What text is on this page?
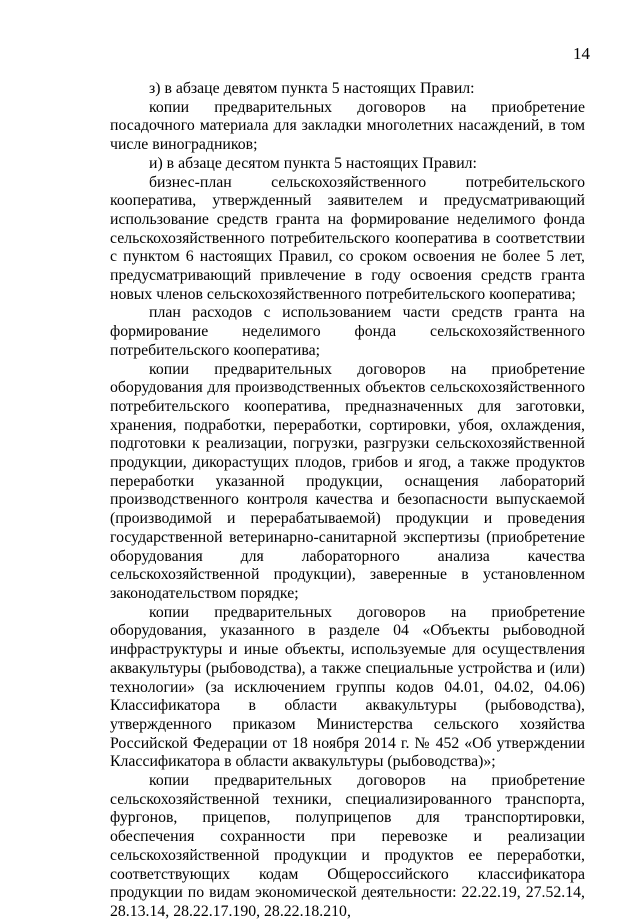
14

з) в абзаце девятом пункта 5 настоящих Правил:

копии предварительных договоров на приобретение посадочного материала для закладки многолетних насаждений, в том числе виноградников;

и) в абзаце десятом пункта 5 настоящих Правил:

бизнес-план сельскохозяйственного потребительского кооператива, утвержденный заявителем и предусматривающий использование средств гранта на формирование неделимого фонда сельскохозяйственного потребительского кооператива в соответствии с пунктом 6 настоящих Правил, со сроком освоения не более 5 лет, предусматривающий привлечение в году освоения средств гранта новых членов сельскохозяйственного потребительского кооператива;

план расходов с использованием части средств гранта на формирование неделимого фонда сельскохозяйственного потребительского кооператива;

копии предварительных договоров на приобретение оборудования для производственных объектов сельскохозяйственного потребительского кооператива, предназначенных для заготовки, хранения, подработки, переработки, сортировки, убоя, охлаждения, подготовки к реализации, погрузки, разгрузки сельскохозяйственной продукции, дикорастущих плодов, грибов и ягод, а также продуктов переработки указанной продукции, оснащения лабораторий производственного контроля качества и безопасности выпускаемой (производимой и перерабатываемой) продукции и проведения государственной ветеринарно-санитарной экспертизы (приобретение оборудования для лабораторного анализа качества сельскохозяйственной продукции), заверенные в установленном законодательством порядке;

копии предварительных договоров на приобретение оборудования, указанного в разделе 04 «Объекты рыбоводной инфраструктуры и иные объекты, используемые для осуществления аквакультуры (рыбоводства), а также специальные устройства и (или) технологии» (за исключением группы кодов 04.01, 04.02, 04.06) Классификатора в области аквакультуры (рыбоводства), утвержденного приказом Министерства сельского хозяйства Российской Федерации от 18 ноября 2014 г. № 452 «Об утверждении Классификатора в области аквакультуры (рыбоводства)»;

копии предварительных договоров на приобретение сельскохозяйственной техники, специализированного транспорта, фургонов, прицепов, полуприцепов для транспортировки, обеспечения сохранности при перевозке и реализации сельскохозяйственной продукции и продуктов ее переработки, соответствующих кодам Общероссийского классификатора продукции по видам экономической деятельности: 22.22.19, 27.52.14, 28.13.14, 28.22.17.190, 28.22.18.210,
